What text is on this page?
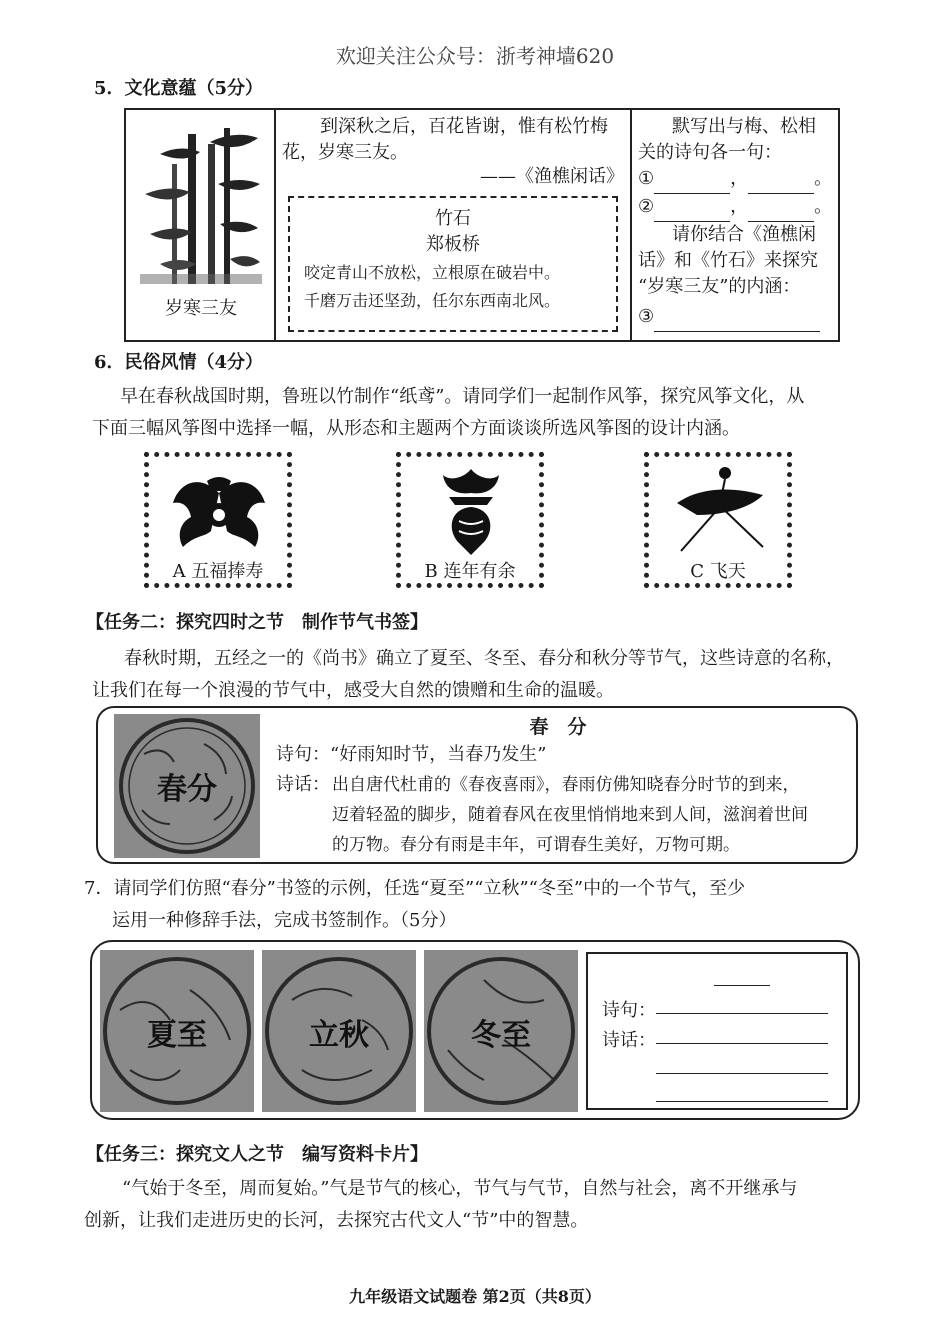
欢迎关注公众号：浙考神墙620
5．文化意蕴（5分）
岁寒三友
到深秋之后，百花皆谢，惟有松竹梅
花，岁寒三友。
——《渔樵闲话》
竹石
郑板桥
咬定青山不放松，立根原在破岩中。
千磨万击还坚劲，任尔东西南北风。
默写出与梅、松相
关的诗句各一句：
①	，	。
②	，	。
请你结合《渔樵闲
话》和《竹石》来探究
“岁寒三友”的内涵：
③
6．民俗风情（4分）
早在春秋战国时期，鲁班以竹制作“纸鸢”。请同学们一起制作风筝，探究风筝文化，从
下面三幅风筝图中选择一幅，从形态和主题两个方面谈谈所选风筝图的设计内涵。
A 五福捧寿	B 连年有余	C 飞天
【任务二：探究四时之节　制作节气书签】
春秋时期，五经之一的《尚书》确立了夏至、冬至、春分和秋分等节气，这些诗意的名称，
让我们在每一个浪漫的节气中，感受大自然的馈赠和生命的温暖。
春分
春　分
诗句：“好雨知时节，当春乃发生”
诗话： 出自唐代杜甫的《春夜喜雨》，春雨仿佛知晓春分时节的到来，
迈着轻盈的脚步，随着春风在夜里悄悄地来到人间，滋润着世间
的万物。春分有雨是丰年，可谓春生美好，万物可期。
7．请同学们仿照“春分”书签的示例，任选“夏至”“立秋”“冬至”中的一个节气，至少
运用一种修辞手法，完成书签制作。（5分）
夏至	立秋	冬至
诗句：
诗话：
【任务三：探究文人之节　编写资料卡片】
“气始于冬至，周而复始。”气是节气的核心，节气与气节，自然与社会，离不开继承与
创新，让我们走进历史的长河，去探究古代文人“节”中的智慧。
九年级语文试题卷 第2页（共8页）
